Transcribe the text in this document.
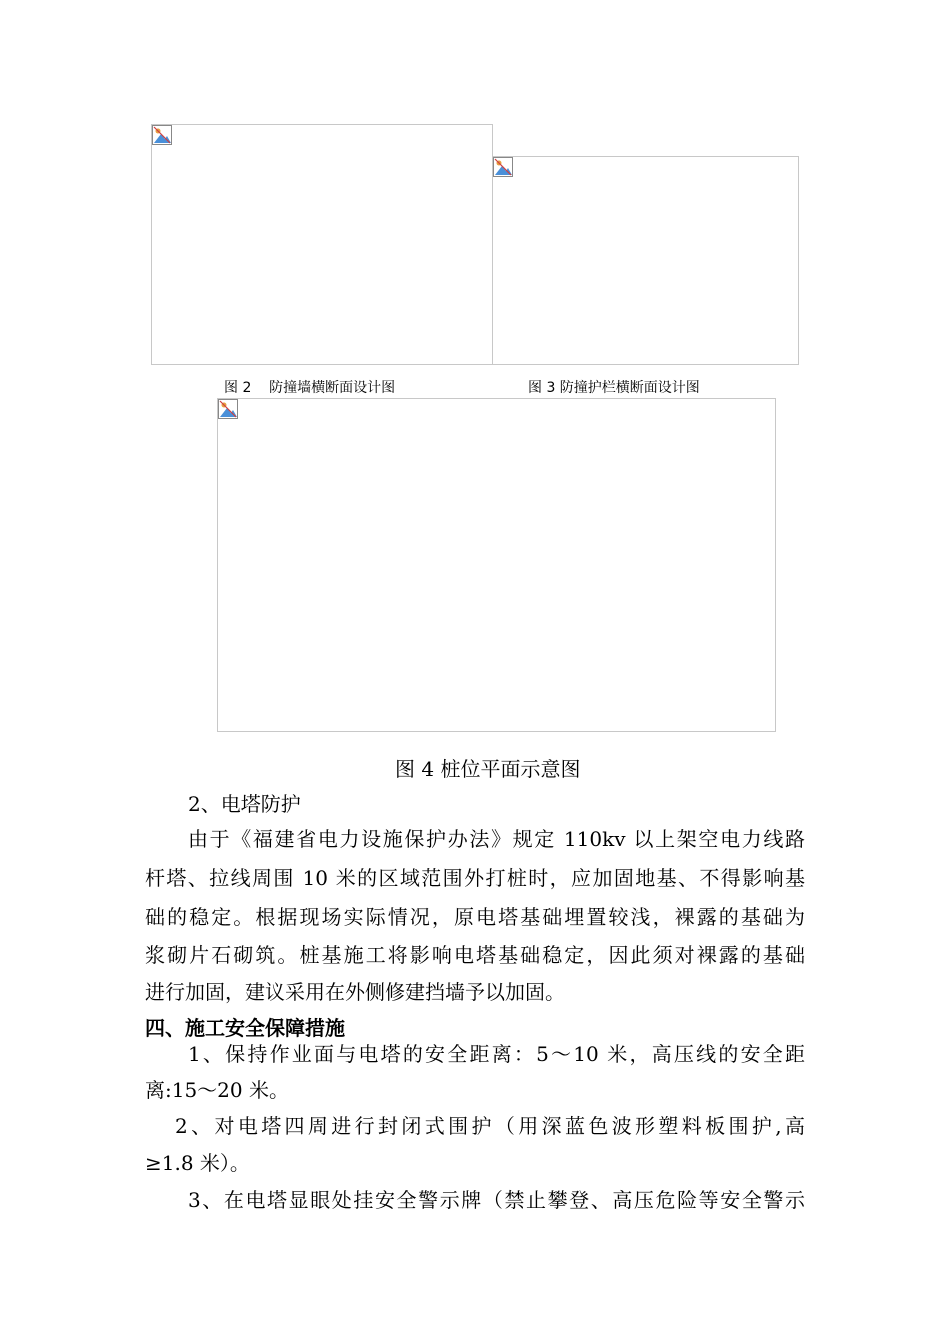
图 2    防撞墙横断面设计图	图 3 防撞护栏横断面设计图
图 4 桩位平面示意图
2、电塔防护
由于《福建省电力设施保护办法》规定 110kv 以上架空电力线路
杆塔、拉线周围 10 米的区域范围外打桩时，应加固地基、不得影响基
础的稳定。根据现场实际情况，原电塔基础埋置较浅，裸露的基础为
浆砌片石砌筑。桩基施工将影响电塔基础稳定，因此须对裸露的基础
进行加固，建议采用在外侧修建挡墙予以加固。
四、施工安全保障措施
1、保持作业面与电塔的安全距离：5～10 米，高压线的安全距
离:15～20 米。
2、对电塔四周进行封闭式围护（用深蓝色波形塑料板围护,高
≥1.8 米）。
3、在电塔显眼处挂安全警示牌（禁止攀登、高压危险等安全警示
